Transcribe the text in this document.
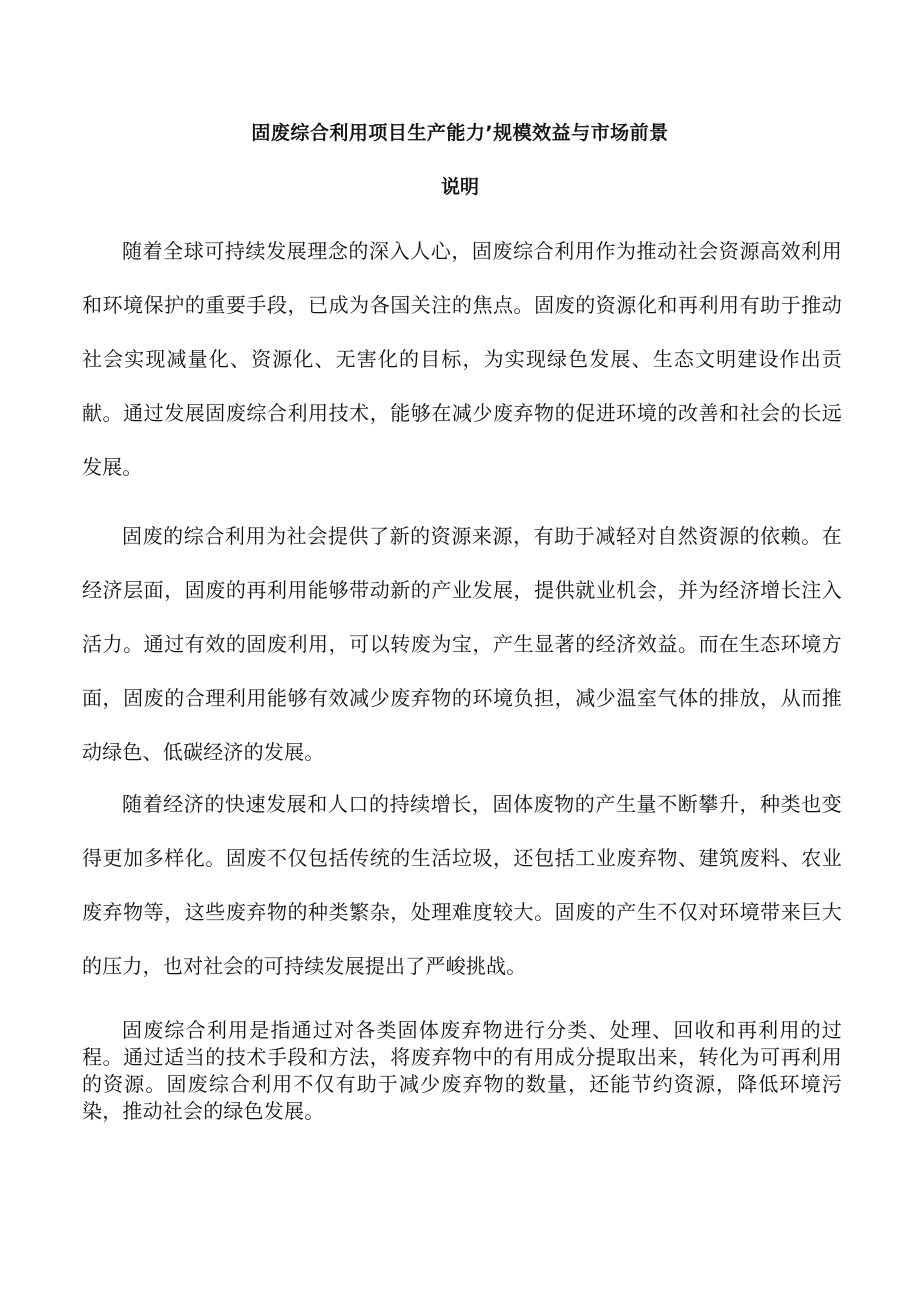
固废综合利用项目生产能力’规模效益与市场前景
说明

随着全球可持续发展理念的深入人心，固废综合利用作为推动社会资源高效利用和环境保护的重要手段，已成为各国关注的焦点。固废的资源化和再利用有助于推动社会实现减量化、资源化、无害化的目标，为实现绿色发展、生态文明建设作出贡献。通过发展固废综合利用技术，能够在减少废弃物的促进环境的改善和社会的长远发展。

固废的综合利用为社会提供了新的资源来源，有助于减轻对自然资源的依赖。在经济层面，固废的再利用能够带动新的产业发展，提供就业机会，并为经济增长注入活力。通过有效的固废利用，可以转废为宝，产生显著的经济效益。而在生态环境方面，固废的合理利用能够有效减少废弃物的环境负担，减少温室气体的排放，从而推动绿色、低碳经济的发展。

随着经济的快速发展和人口的持续增长，固体废物的产生量不断攀升，种类也变得更加多样化。固废不仅包括传统的生活垃圾，还包括工业废弃物、建筑废料、农业废弃物等，这些废弃物的种类繁杂，处理难度较大。固废的产生不仅对环境带来巨大的压力，也对社会的可持续发展提出了严峻挑战。

固废综合利用是指通过对各类固体废弃物进行分类、处理、回收和再利用的过程。通过适当的技术手段和方法，将废弃物中的有用成分提取出来，转化为可再利用的资源。固废综合利用不仅有助于减少废弃物的数量，还能节约资源，降低环境污染，推动社会的绿色发展。
